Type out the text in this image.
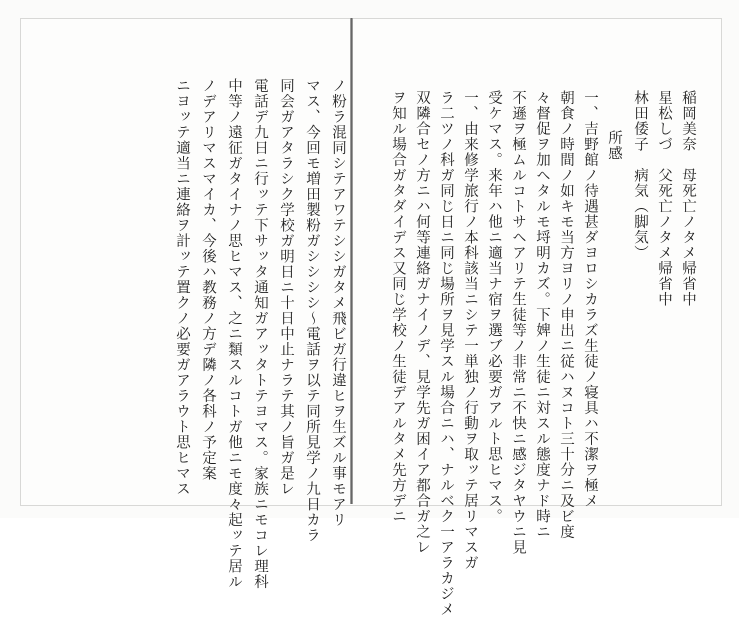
稲岡美奈　母死亡ノタメ帰省中
星松しづ　父死亡ノタメ帰省中
林田倭子　病気（脚気）
所感
一、吉野館ノ待遇甚ダヨロシカラズ生徒ノ寝具ハ不潔ヲ極メ
朝食ノ時間ノ如キモ当方ヨリノ申出ニ従ハヌコト三十分ニ及ビ度
々督促ヲ加ヘタルモ埒明カズ。下婢ノ生徒ニ対スル態度ナド時ニ
不遜ヲ極ムルコトサヘアリテ生徒等ノ非常ニ不快ニ感ジタヤウニ見
受ケマス。来年ハ他ニ適当ナ宿ヲ選ブ必要ガアルト思ヒマス。
一、由来修学旅行ノ本科該当ニシテ一単独ノ行動ヲ取ッテ居リマスガ
ラ二ツノ科ガ同じ日ニ同じ場所ヲ見学スル場合ニハ、ナルベク一アラカジメ
双隣合セノ方ニハ何等連絡ガナイノデ、見学先ガ困イア都合ガ之レ
ヲ知ル場合ガタダイデス又同じ学校ノ生徒デアルタメ先方デニ
ノ粉ラ混同シテアワテシシガタメ飛ビガ行違ヒヲ生ズル事モアリ
マス、今回モ増田製粉ガシシシシ〜電話ヲ以テ同所見学ノ九日カラ
同会ガアタラシク学校ガ明日ニ十日中止ナラテ其ノ旨ガ是レ
電話デ九日ニ行ッテ下サッタ通知ガアッタトテヨマス。家族ニモコレ理科
中等ノ遠征ガタイナノ思ヒマス、之ニ類スルコトガ他ニモ度々起ッテ居ル
ノデアリマスマイカ、今後ハ教務ノ方デ隣ノ各科ノ予定案
ニヨッテ適当ニ連絡ヲ計ッテ置クノ必要ガアラウト思ヒマス
